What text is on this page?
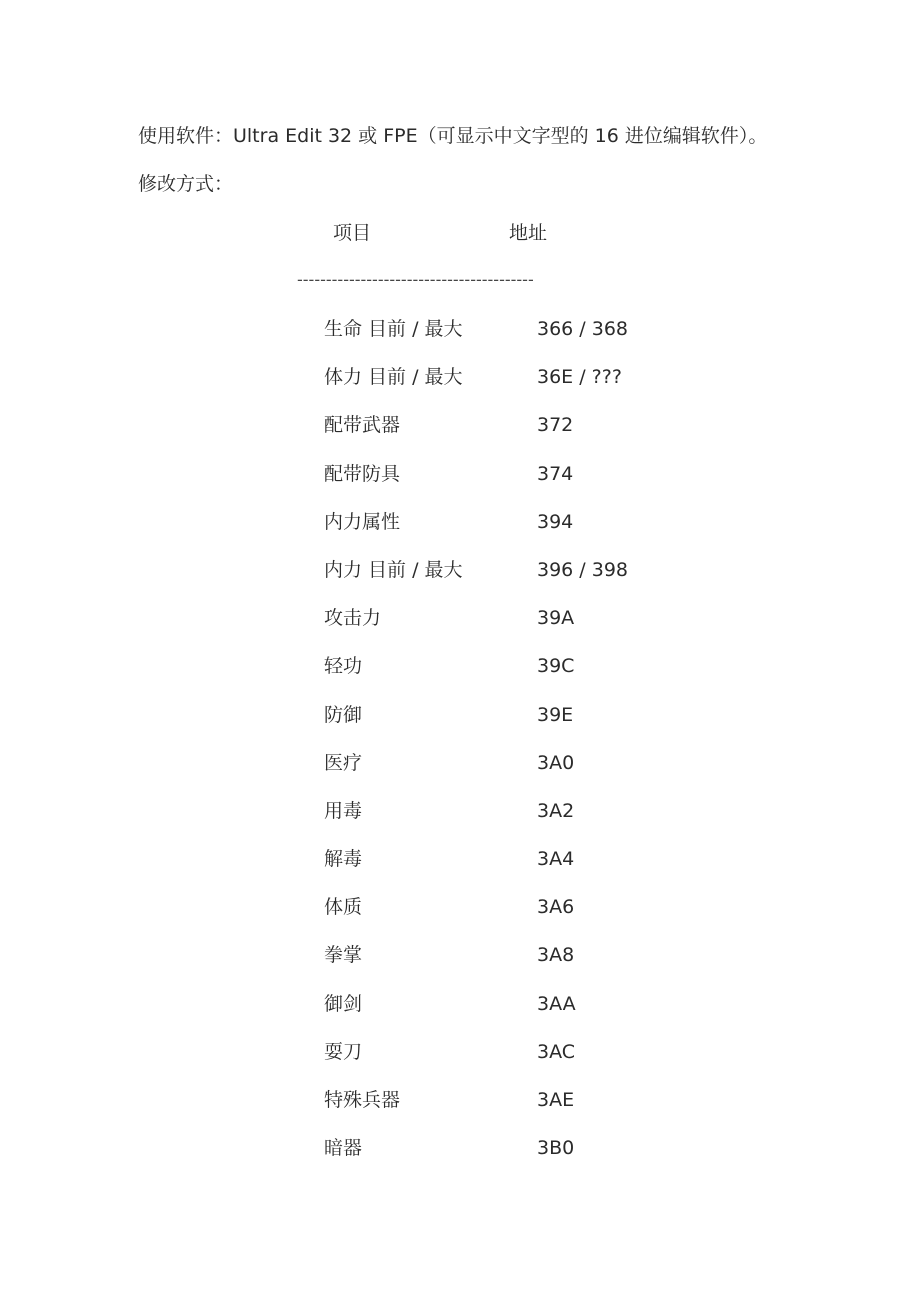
使用软件：Ultra Edit 32 或 FPE（可显示中文字型的 16 进位编辑软件）。
修改方式：
项目	地址
-----------------------------------------
生命 目前 / 最大	366 / 368
体力 目前 / 最大	36E / ???
配带武器	372
配带防具	374
内力属性	394
内力 目前 / 最大	396 / 398
攻击力	39A
轻功	39C
防御	39E
医疗	3A0
用毒	3A2
解毒	3A4
体质	3A6
拳掌	3A8
御剑	3AA
耍刀	3AC
特殊兵器	3AE
暗器	3B0
